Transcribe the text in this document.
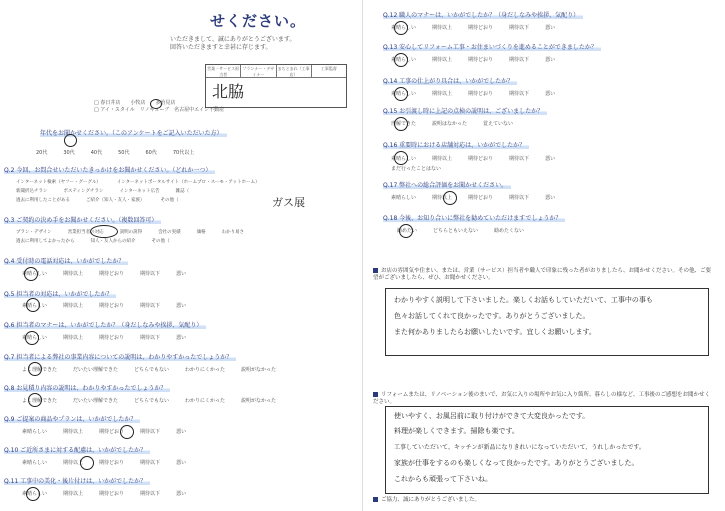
せください。
いただきまして、誠にありがとうございます。
回答いただきますと幸甚に存じます。
営業・サービス担当者
プランナー・デザイナー
まちとまれ（工事店）
工事監督
北脇
□ 春日井店　　 小牧店　　 多治見店
□ アイ・スタイル　 リノキューブ　 名古屋中エイジ不動産
年代をお聞かせください。（このアンケートをご記入いただいた方）
20代	30代	40代	50代	60代	70代以上
Q.2 今回、お問合せいただいたきっかけをお聞かせください。（どれか一つ）
インターネット検索（ヤフー・グーグル）	インターネットポータルサイト（ホームプロ・スーモ・アットホーム）
新聞折込チラシ	ポスティングチラシ	インターネット広告	雑誌（
過去に利用したことがある	ご紹介（知人・友人・家族）	その他（	ガス展
Q.3 ご契約の決め手をお聞かせください。（複数回答可）
プラン・デザイン	営業担当者の対応	説明の説得	会社の実績	価格	わかり易さ
過去に利用してよかったから	知人・友人からの紹介	その他（
Q.4 受付時の電話対応は、いかがでしたか？
素晴らしい	期待以上	期待どおり	期待以下	悪い
Q.5 担当者の対応は、いかがでしたか？
素晴らしい	期待以上	期待どおり	期待以下	悪い
Q.6 担当者のマナーは、いかがでしたか？（身だしなみや挨拶、気配り）
素晴らしい	期待以上	期待どおり	期待以下	悪い
Q.7 担当者による弊社の事業内容についての説明は、わかりやすかったでしょうか？
よく理解できた	だいたい理解できた	どちらでもない	わかりにくかった	説明がなかった
Q.8 お見積り内容の説明は、わかりやすかったでしょうか？
よく理解できた	だいたい理解できた	どちらでもない	わかりにくかった	説明がなかった
Q.9 ご提案の商品やプランは、いかがでしたか？
素晴らしい	期待以上	期待どおり	期待以下	悪い
Q.10 ご近所さまに対する配慮は、いかがでしたか？
素晴らしい	期待以上	期待どおり	期待以下	悪い
Q.11 工事中の美化・後片付けは、いかがでしたか？
素晴らしい	期待以上	期待どおり	期待以下	悪い
Q.12 職人のマナーは、いかがでしたか？（身だしなみや挨拶、気配り）
素晴らしい	期待以上	期待どおり	期待以下	悪い
Q.13 安心してリフォーム工事・お住まいづくりを進めることができましたか？
素晴らしい	期待以上	期待どおり	期待以下	悪い
Q.14 工事の仕上がり具合は、いかがでしたか？
素晴らしい	期待以上	期待どおり	期待以下	悪い
Q.15 お引渡し時に上記の点検の説明は、ございましたか？
理解できた	説明はなかった	覚えていない
Q.16 重要時における店舗対応は、いかがでしたか？
素晴らしい	期待以上	期待どおり	期待以下	悪い
まだ行ったことはない
Q.17 弊社への総合評価をお聞かせください。
素晴らしい	期待以上	期待どおり	期待以下	悪い
Q.18 今後、お知り合いに弊社を勧めていただけますでしょうか？
勧めたい	どちらともいえない	勧めたくない
お店の雰囲気や住まい、または、営業（サービス）担当者や職人で印象に残った者がおりましたら、お聞かせください。その他、ご要望がございましたら、ぜひ、お聞かせください。
わかりやすく説明して下さいました。楽しくお話もしていただいて、工事中の事も
色々お話してくれて良かったです。ありがとうございました。
また何かありましたらお願いしたいです。宜しくお願いします。
リフォームまたは、リノベーション後のまいで、お気に入りの場所やお気に入り箇所、暮らしの様など、工事後のご感想をお聞かせください。
使いやすく、お風呂前に取り付けができて大変良かったです。
料理が楽しくできます。掃除も楽です。
工事していただいて、キッチンが新品になりきれいになっていただいて、うれしかったです。
家族が仕事をするのも楽しくなって良かったです。ありがとうございました。
これからも頑張って下さいね。
ご協力、誠にありがとうございました。
